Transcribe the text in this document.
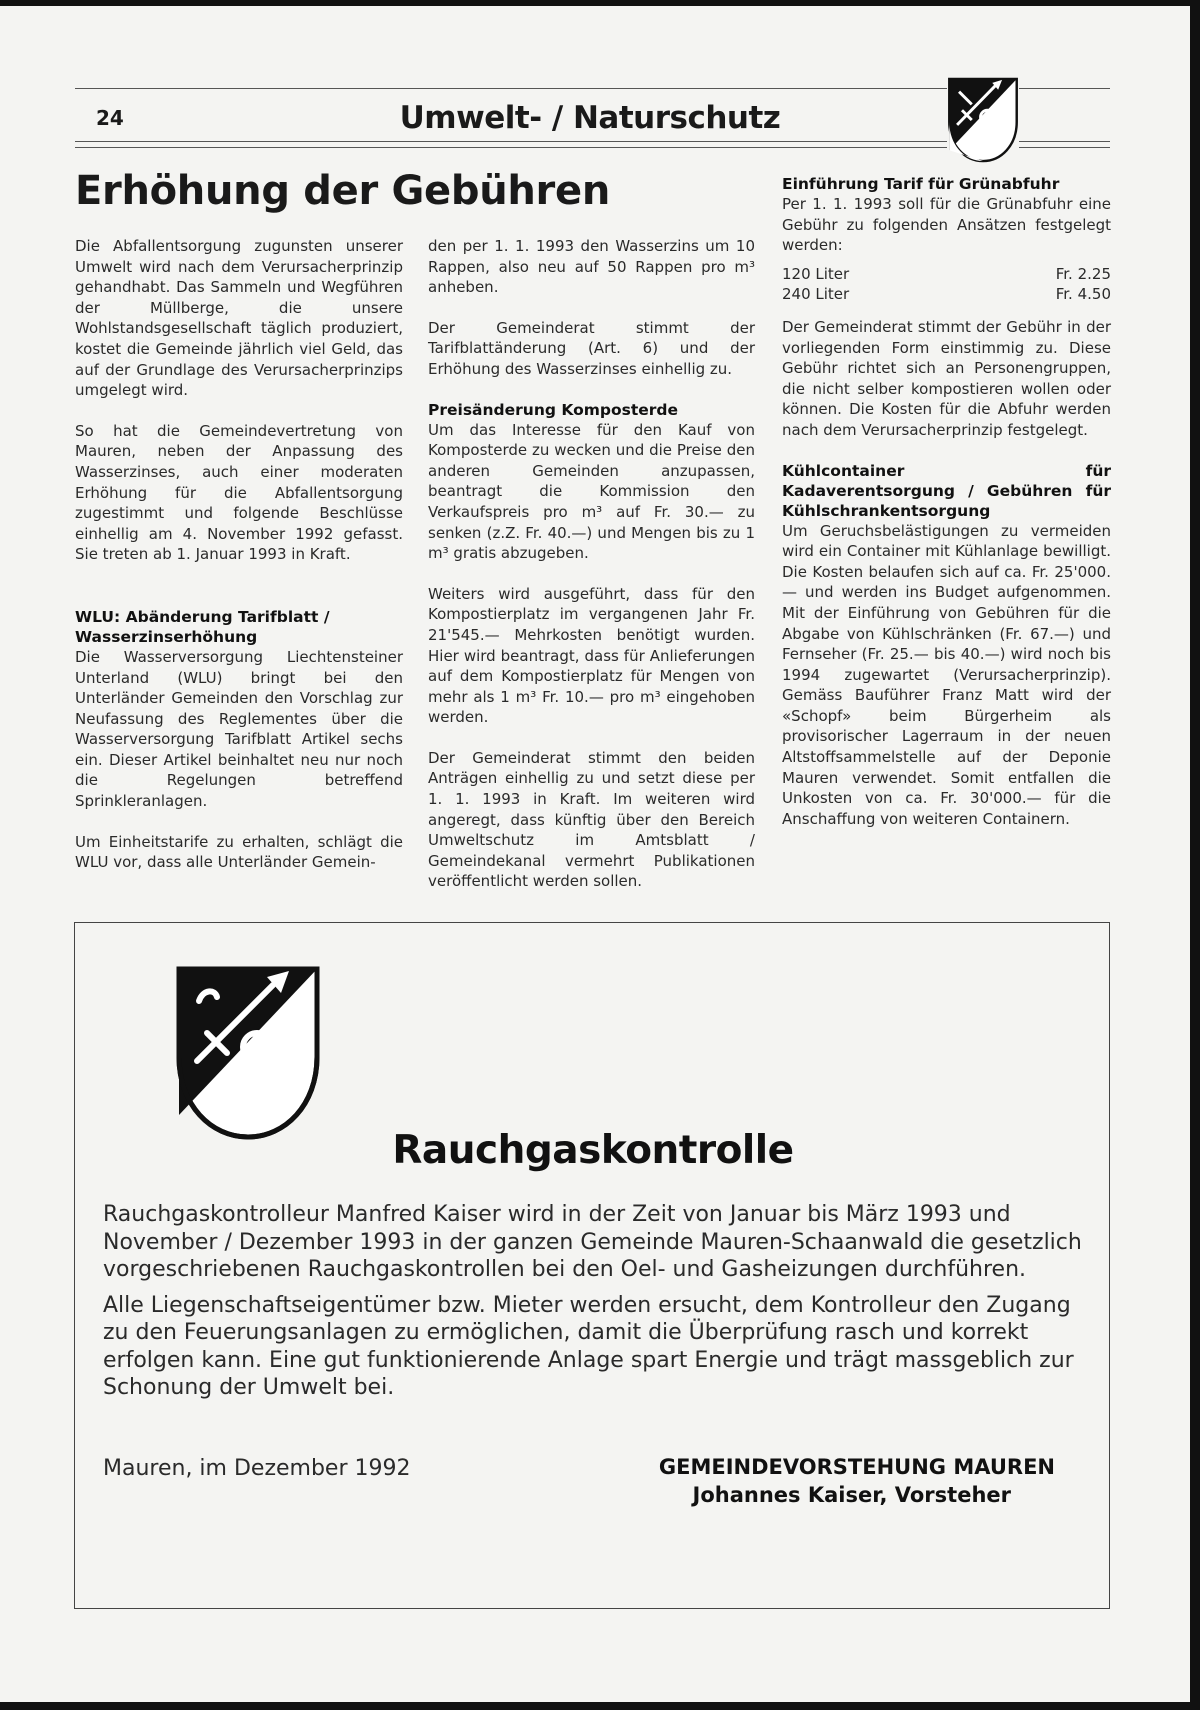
24	Umwelt- / Naturschutz
Erhöhung der Gebühren

Die Abfallentsorgung zugunsten unserer Umwelt wird nach dem Verursacherprinzip gehandhabt. Das Sammeln und Wegführen der Müllberge, die unsere Wohlstandsgesellschaft täglich produziert, kostet die Gemeinde jährlich viel Geld, das auf der Grundlage des Verursacherprinzips umgelegt wird.

So hat die Gemeindevertretung von Mauren, neben der Anpassung des Wasserzinses, auch einer moderaten Erhöhung für die Abfallentsorgung zugestimmt und folgende Beschlüsse einhellig am 4. November 1992 gefasst. Sie treten ab 1. Januar 1993 in Kraft.

WLU: Abänderung Tarifblatt / Wasserzinserhöhung

Die Wasserversorgung Liechtensteiner Unterland (WLU) bringt bei den Unterländer Gemeinden den Vorschlag zur Neufassung des Reglementes über die Wasserversorgung Tarifblatt Artikel sechs ein. Dieser Artikel beinhaltet neu nur noch die Regelungen betreffend Sprinkleranlagen.

Um Einheitstarife zu erhalten, schlägt die WLU vor, dass alle Unterländer Gemein-

den per 1. 1. 1993 den Wasserzins um 10 Rappen, also neu auf 50 Rappen pro m³ anheben.

Der Gemeinderat stimmt der Tarifblattänderung (Art. 6) und der Erhöhung des Wasserzinses einhellig zu.

Preisänderung Komposterde

Um das Interesse für den Kauf von Komposterde zu wecken und die Preise den anderen Gemeinden anzupassen, beantragt die Kommission den Verkaufspreis pro m³ auf Fr. 30.— zu senken (z.Z. Fr. 40.—) und Mengen bis zu 1 m³ gratis abzugeben.

Weiters wird ausgeführt, dass für den Kompostierplatz im vergangenen Jahr Fr. 21'545.— Mehrkosten benötigt wurden. Hier wird beantragt, dass für Anlieferungen auf dem Kompostierplatz für Mengen von mehr als 1 m³ Fr. 10.— pro m³ eingehoben werden.

Der Gemeinderat stimmt den beiden Anträgen einhellig zu und setzt diese per 1. 1. 1993 in Kraft. Im weiteren wird angeregt, dass künftig über den Bereich Umweltschutz im Amtsblatt / Gemeindekanal vermehrt Publikationen veröffentlicht werden sollen.

Einführung Tarif für Grünabfuhr

Per 1. 1. 1993 soll für die Grünabfuhr eine Gebühr zu folgenden Ansätzen festgelegt werden:

120 Liter	Fr. 2.25
240 Liter	Fr. 4.50

Der Gemeinderat stimmt der Gebühr in der vorliegenden Form einstimmig zu. Diese Gebühr richtet sich an Personengruppen, die nicht selber kompostieren wollen oder können. Die Kosten für die Abfuhr werden nach dem Verursacherprinzip festgelegt.

Kühlcontainer für Kadaverentsorgung / Gebühren für Kühlschrankentsorgung

Um Geruchsbelästigungen zu vermeiden wird ein Container mit Kühlanlage bewilligt. Die Kosten belaufen sich auf ca. Fr. 25'000.— und werden ins Budget aufgenommen. Mit der Einführung von Gebühren für die Abgabe von Kühlschränken (Fr. 67.—) und Fernseher (Fr. 25.— bis 40.—) wird noch bis 1994 zugewartet (Verursacherprinzip). Gemäss Bauführer Franz Matt wird der «Schopf» beim Bürgerheim als provisorischer Lagerraum in der neuen Altstoffsammelstelle auf der Deponie Mauren verwendet. Somit entfallen die Unkosten von ca. Fr. 30'000.— für die Anschaffung von weiteren Containern.

Rauchgaskontrolle

Rauchgaskontrolleur Manfred Kaiser wird in der Zeit von Januar bis März 1993 und November / Dezember 1993 in der ganzen Gemeinde Mauren-Schaanwald die gesetzlich vorgeschriebenen Rauchgaskontrollen bei den Oel- und Gasheizungen durchführen.

Alle Liegenschaftseigentümer bzw. Mieter werden ersucht, dem Kontrolleur den Zugang zu den Feuerungsanlagen zu ermöglichen, damit die Überprüfung rasch und korrekt erfolgen kann. Eine gut funktionierende Anlage spart Energie und trägt massgeblich zur Schonung der Umwelt bei.

Mauren, im Dezember 1992	GEMEINDEVORSTEHUNG MAUREN
Johannes Kaiser, Vorsteher
